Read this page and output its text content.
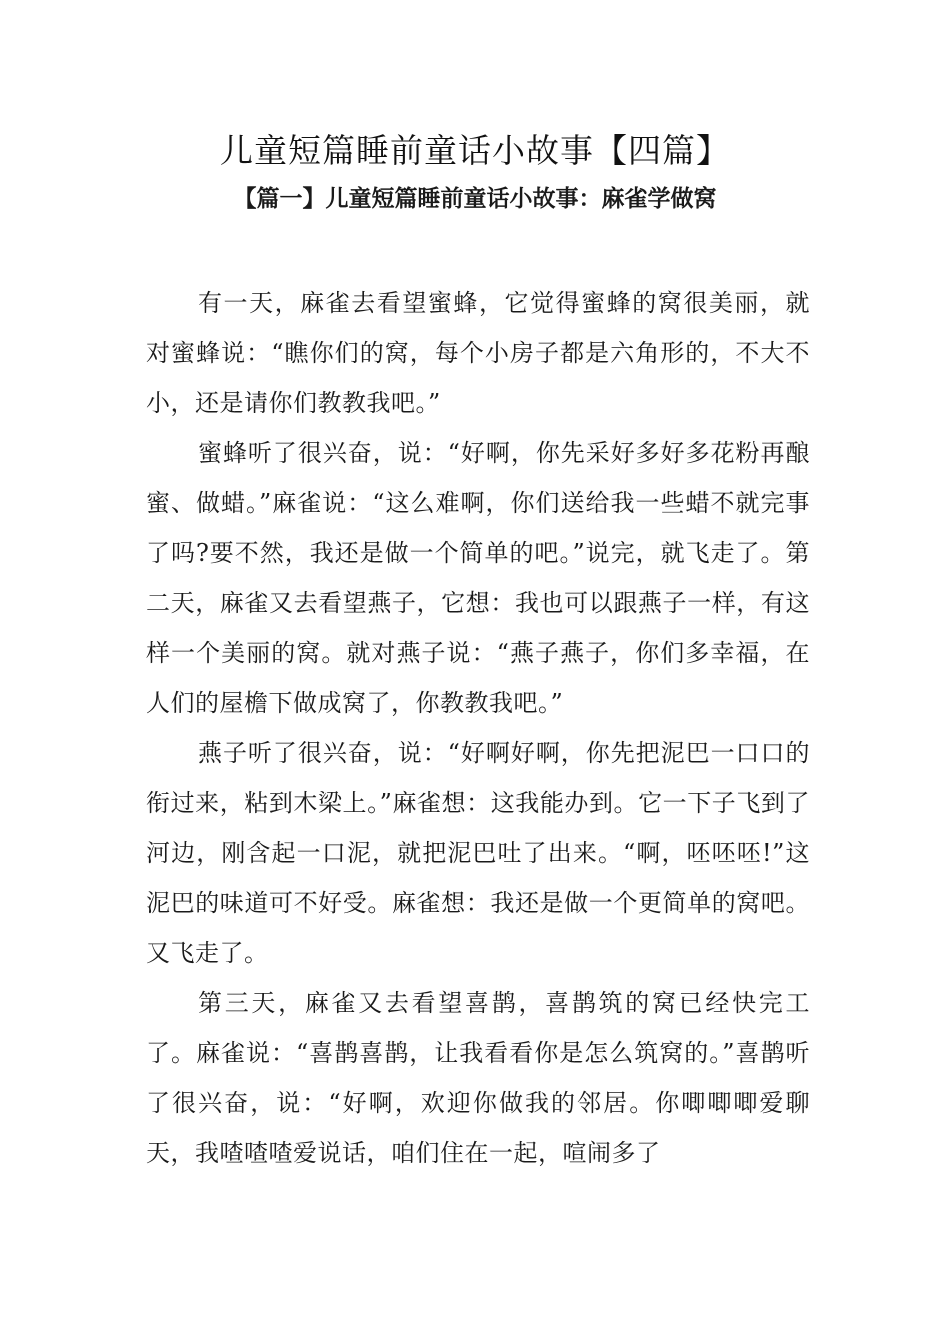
儿童短篇睡前童话小故事【四篇】
【篇一】儿童短篇睡前童话小故事：麻雀学做窝

有一天，麻雀去看望蜜蜂，它觉得蜜蜂的窝很美丽，就对蜜蜂说：“瞧你们的窝，每个小房子都是六角形的，不大不小，还是请你们教教我吧。”

蜜蜂听了很兴奋，说：“好啊，你先采好多好多花粉再酿蜜、做蜡。”麻雀说：“这么难啊，你们送给我一些蜡不就完事了吗?要不然，我还是做一个简单的吧。”说完，就飞走了。第二天，麻雀又去看望燕子，它想：我也可以跟燕子一样，有这样一个美丽的窝。就对燕子说：“燕子燕子，你们多幸福，在人们的屋檐下做成窝了，你教教我吧。”

燕子听了很兴奋，说：“好啊好啊，你先把泥巴一口口的衔过来，粘到木梁上。”麻雀想：这我能办到。它一下子飞到了河边，刚含起一口泥，就把泥巴吐了出来。“啊，呸呸呸!”这泥巴的味道可不好受。麻雀想：我还是做一个更简单的窝吧。又飞走了。

第三天，麻雀又去看望喜鹊，喜鹊筑的窝已经快完工了。麻雀说：“喜鹊喜鹊，让我看看你是怎么筑窝的。”喜鹊听了很兴奋，说：“好啊，欢迎你做我的邻居。你唧唧唧爱聊天，我喳喳喳爱说话，咱们住在一起，喧闹多了
